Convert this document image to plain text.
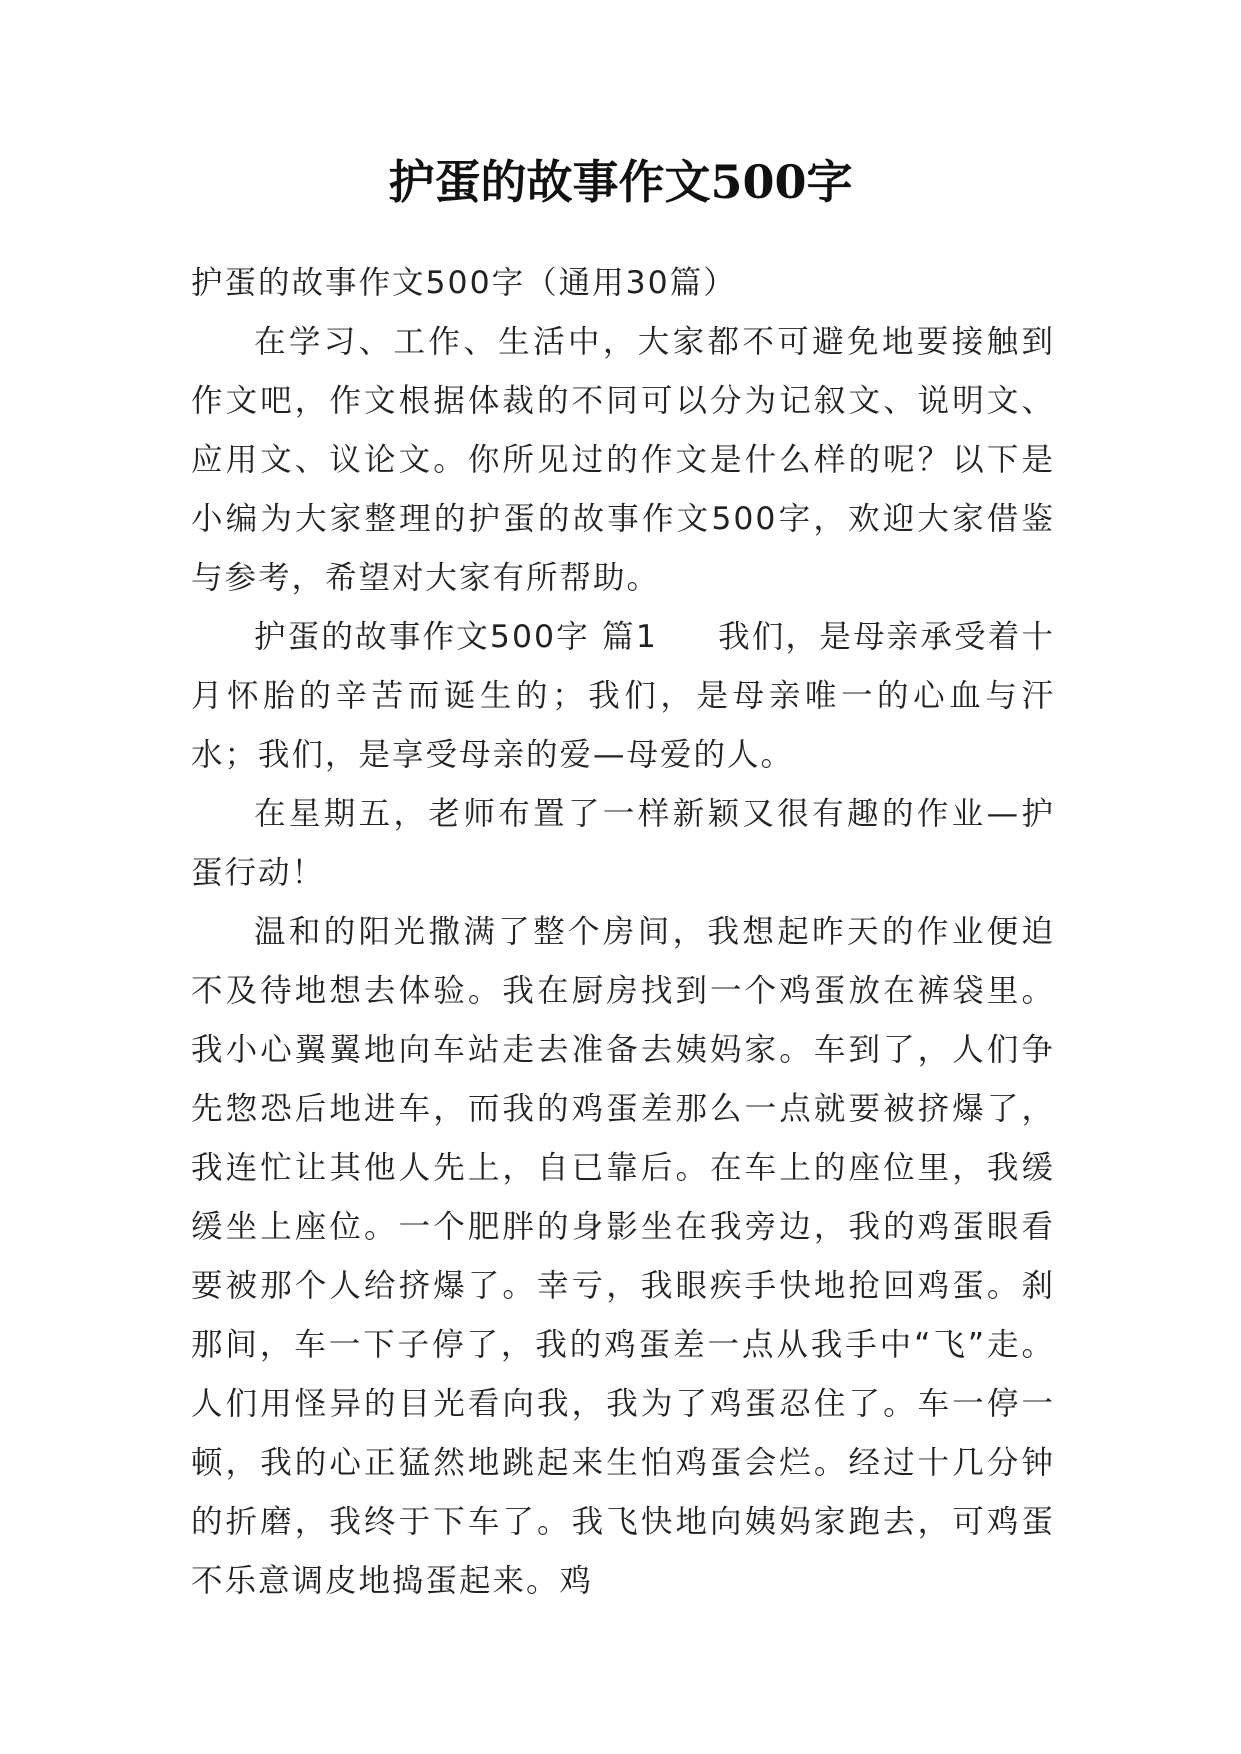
护蛋的故事作文500字

护蛋的故事作文500字（通用30篇）

在学习、工作、生活中，大家都不可避免地要接触到作文吧，作文根据体裁的不同可以分为记叙文、说明文、应用文、议论文。你所见过的作文是什么样的呢？以下是小编为大家整理的护蛋的故事作文500字，欢迎大家借鉴与参考，希望对大家有所帮助。

护蛋的故事作文500字 篇1 我们，是母亲承受着十月怀胎的辛苦而诞生的；我们，是母亲唯一的心血与汗水；我们，是享受母亲的爱—母爱的人。

在星期五，老师布置了一样新颖又很有趣的作业—护蛋行动！

温和的阳光撒满了整个房间，我想起昨天的作业便迫不及待地想去体验。我在厨房找到一个鸡蛋放在裤袋里。我小心翼翼地向车站走去准备去姨妈家。车到了，人们争先惣恐后地进车，而我的鸡蛋差那么一点就要被挤爆了，我连忙让其他人先上，自已靠后。在车上的座位里，我缓缓坐上座位。一个肥胖的身影坐在我旁边，我的鸡蛋眼看要被那个人给挤爆了。幸亏，我眼疾手快地抢回鸡蛋。刹那间，车一下子停了，我的鸡蛋差一点从我手中“飞”走。人们用怪异的目光看向我，我为了鸡蛋忍住了。车一停一顿，我的心正猛然地跳起来生怕鸡蛋会烂。经过十几分钟的折磨，我终于下车了。我飞快地向姨妈家跑去，可鸡蛋不乐意调皮地捣蛋起来。鸡
